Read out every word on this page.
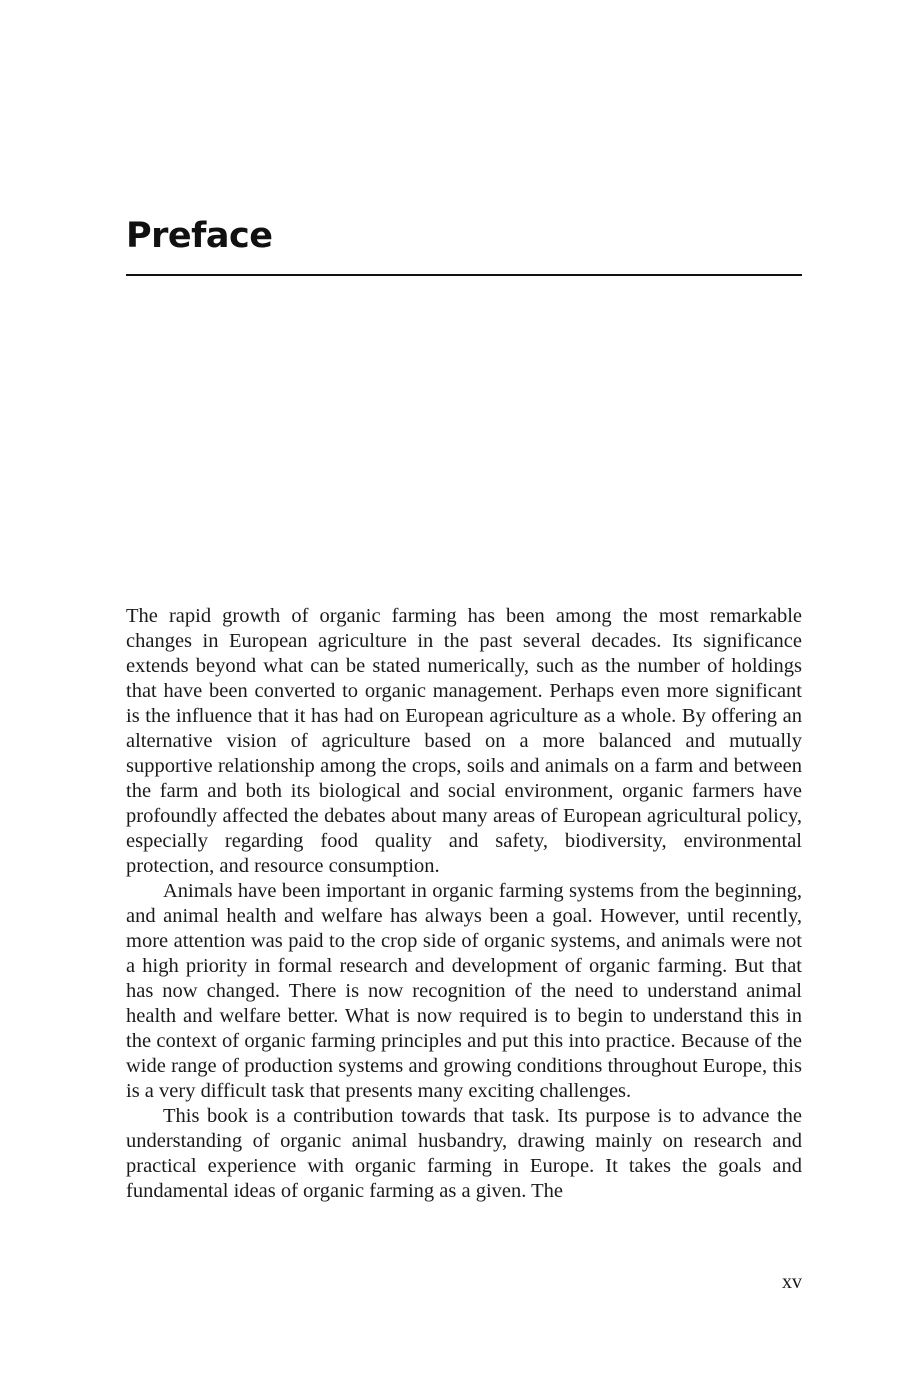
Preface

The rapid growth of organic farming has been among the most remarkable changes in European agriculture in the past several decades. Its significance extends beyond what can be stated numerically, such as the number of holdings that have been converted to organic management. Perhaps even more significant is the influence that it has had on European agriculture as a whole. By offering an alternative vision of agriculture based on a more balanced and mutually supportive relationship among the crops, soils and animals on a farm and between the farm and both its biological and social environment, organic farmers have profoundly affected the debates about many areas of European agricultural policy, especially regarding food quality and safety, biodiversity, environmental protection, and resource consumption.

Animals have been important in organic farming systems from the beginning, and animal health and welfare has always been a goal. However, until recently, more attention was paid to the crop side of organic systems, and animals were not a high priority in formal research and development of organic farming. But that has now changed. There is now recognition of the need to understand animal health and welfare better. What is now required is to begin to understand this in the context of organic farming principles and put this into practice. Because of the wide range of production systems and growing conditions throughout Europe, this is a very difficult task that presents many exciting challenges.

This book is a contribution towards that task. Its purpose is to advance the understanding of organic animal husbandry, drawing mainly on research and practical experience with organic farming in Europe. It takes the goals and fundamental ideas of organic farming as a given. The

xv
